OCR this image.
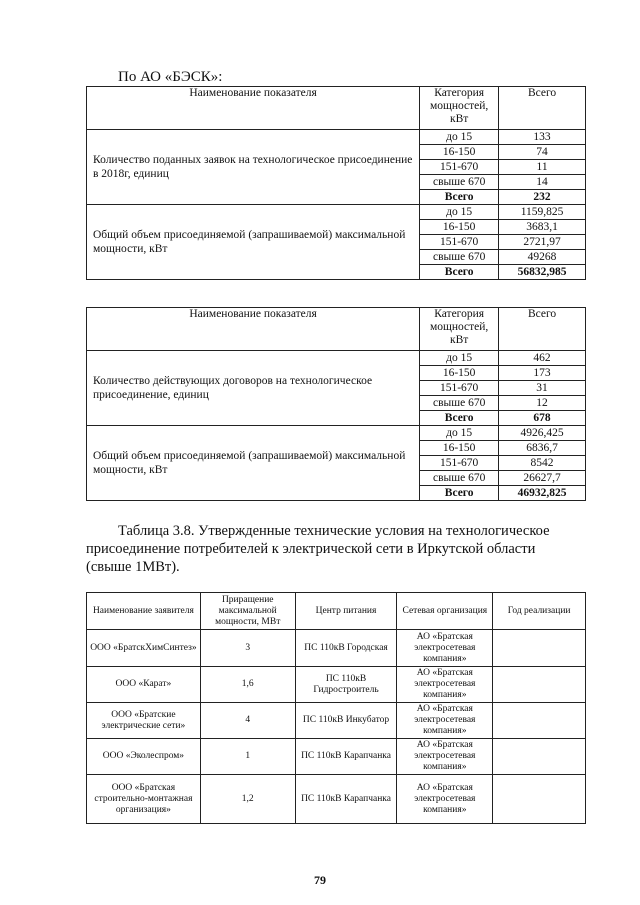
По АО «БЭСК»:
Наименование показателя	Категория мощностей, кВт	Всего
Количество поданных заявок на технологическое присоединение в 2018г, единиц	до 15	133
	16-150	74
	151-670	11
	свыше 670	14
	Всего	232
Общий объем присоединяемой (запрашиваемой) максимальной мощности, кВт	до 15	1159,825
	16-150	3683,1
	151-670	2721,97
	свыше 670	49268
	Всего	56832,985
Наименование показателя	Категория мощностей, кВт	Всего
Количество действующих договоров на технологическое присоединение, единиц	до 15	462
	16-150	173
	151-670	31
	свыше 670	12
	Всего	678
Общий объем присоединяемой (запрашиваемой) максимальной мощности, кВт	до 15	4926,425
	16-150	6836,7
	151-670	8542
	свыше 670	26627,7
	Всего	46932,825
Таблица 3.8. Утвержденные технические условия на технологическое
присоединение потребителей к электрической сети в Иркутской области
(свыше 1МВт).
Наименование заявителя	Приращение максимальной мощности, МВт	Центр питания	Сетевая организация	Год реализации
ООО «БратскХимСинтез»	3	ПС 110кВ Городская	АО «Братская электросетевая компания»	
ООО «Карат»	1,6	ПС 110кВ Гидростроитель	АО «Братская электросетевая компания»	
ООО «Братские электрические сети»	4	ПС 110кВ Инкубатор	АО «Братская электросетевая компания»	
ООО «Эколеспром»	1	ПС 110кВ Карапчанка	АО «Братская электросетевая компания»	
ООО «Братская строительно-монтажная организация»	1,2	ПС 110кВ Карапчанка	АО «Братская электросетевая компания»	
79
